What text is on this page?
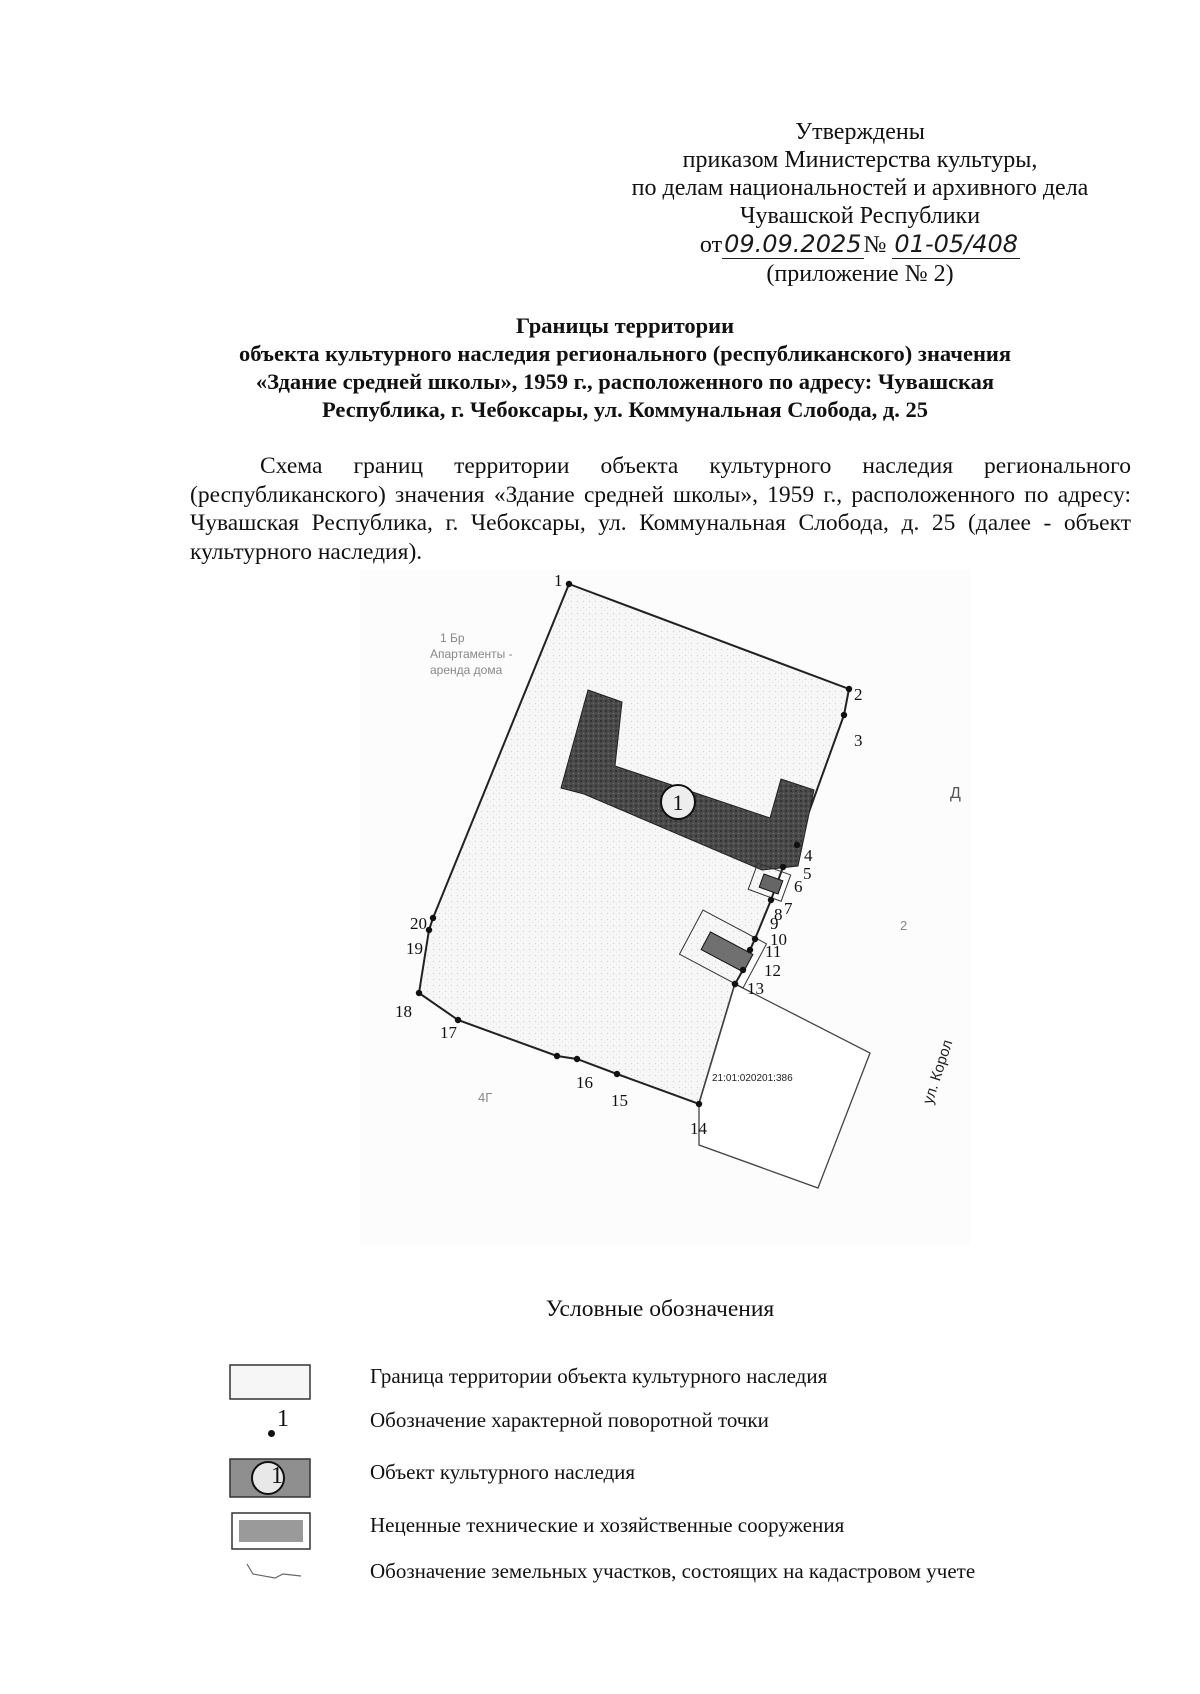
Утверждены
приказом Министерства культуры,
по делам национальностей и архивного дела
Чувашской Республики
от09.09.2025№ 01-05/408
(приложение № 2)
Границы территории
объекта культурного наследия регионального (республиканского) значения
«Здание средней школы», 1959 г., расположенного по адресу: Чувашская
Республика, г. Чебоксары, ул. Коммунальная Слобода, д. 25
Схема границ территории объекта культурного наследия регионального (республиканского) значения «Здание средней школы», 1959 г., расположенного по адресу: Чувашская Республика, г. Чебоксары, ул. Коммунальная Слобода, д. 25 (далее - объект культурного наследия).
1
1 Бр
Апартаменты -
аренда дома
4Г
Д
2
ул. Корол
21:01:020201:386
1
2
3
4
5
6
7
8
9
10
11
12
13
14
15
16
17
18
19
20
Условные обозначения
Граница территории объекта культурного наследия
1	Обозначение характерной поворотной точки
1	Объект культурного наследия
Неценные технические и хозяйственные сооружения
Обозначение земельных участков, состоящих на кадастровом учете
